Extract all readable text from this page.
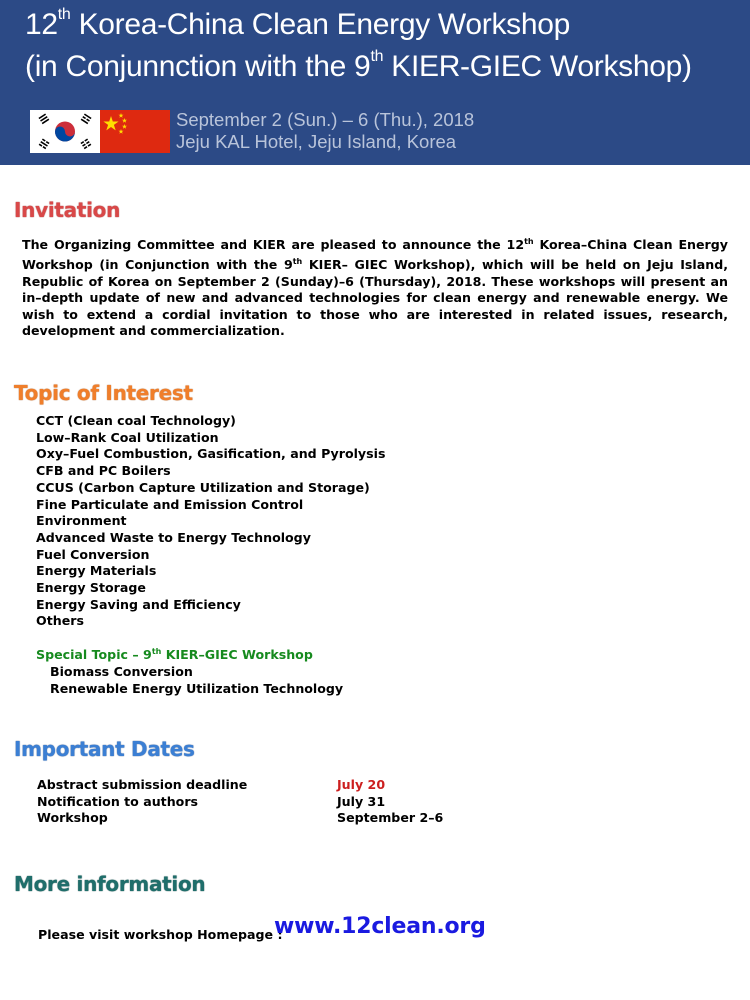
12th Korea-China Clean Energy Workshop
(in Conjunnction with the 9th KIER-GIEC Workshop)
September 2 (Sun.) – 6 (Thu.), 2018
Jeju KAL Hotel, Jeju Island, Korea
Invitation

The Organizing Committee and KIER are pleased to announce the 12th Korea–China Clean Energy Workshop (in Conjunction with the 9th KIER– GIEC Workshop), which will be held on Jeju Island, Republic of Korea on September 2 (Sunday)–6 (Thursday), 2018. These workshops will present an in–depth update of new and advanced technologies for clean energy and renewable energy. We wish to extend a cordial invitation to those who are interested in related issues, research, development and commercialization.

Topic of Interest
CCT (Clean coal Technology)
Low–Rank Coal Utilization
Oxy–Fuel Combustion, Gasification, and Pyrolysis
CFB and PC Boilers
CCUS (Carbon Capture Utilization and Storage)
Fine Particulate and Emission Control
Environment
Advanced Waste to Energy Technology
Fuel Conversion
Energy Materials
Energy Storage
Energy Saving and Efficiency
Others
Special Topic – 9th KIER–GIEC Workshop
Biomass Conversion
Renewable Energy Utilization Technology
Important Dates
Abstract submission deadline	July 20
Notification to authors	July 31
Workshop	September 2–6
More information
Please visit workshop Homepage :
www.12clean.org
